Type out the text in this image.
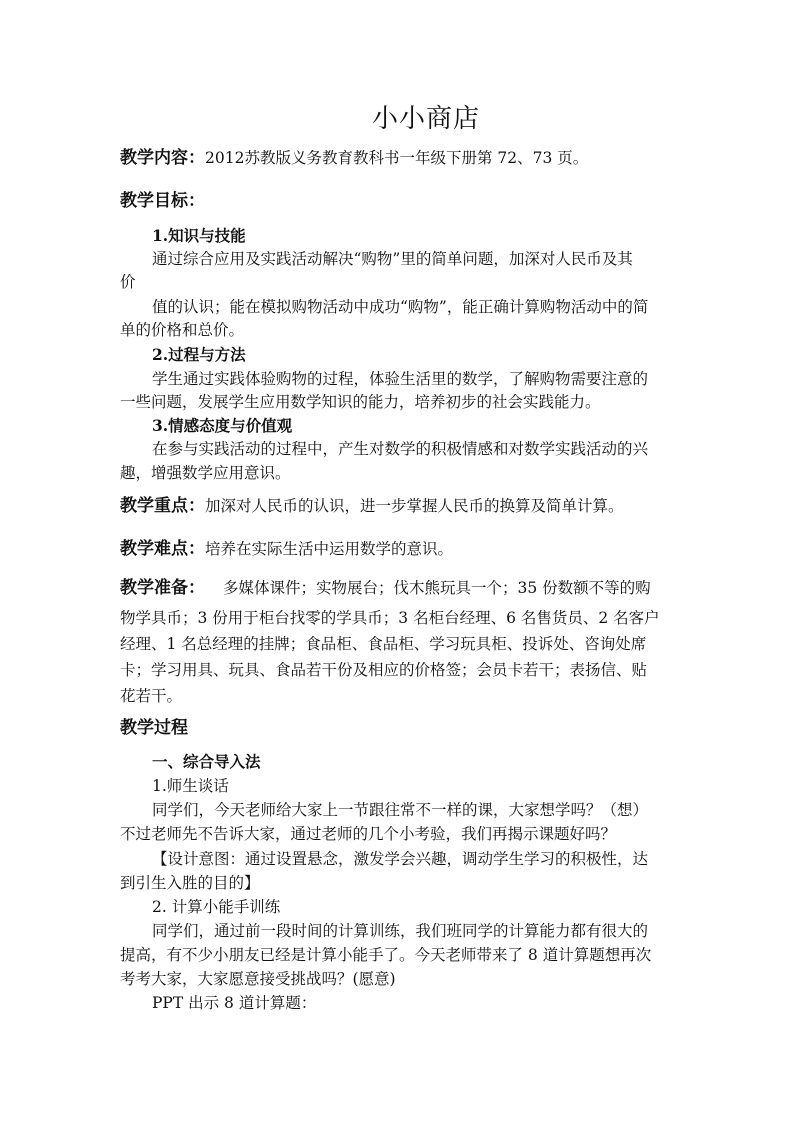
小小商店
教学内容：2012苏教版义务教育教科书一年级下册第 72、73 页。
教学目标：
1.知识与技能
通过综合应用及实践活动解决“购物”里的简单问题，加深对人民币及其
价
值的认识；能在模拟购物活动中成功“购物”，能正确计算购物活动中的简
单的价格和总价。
2.过程与方法
学生通过实践体验购物的过程，体验生活里的数学，了解购物需要注意的
一些问题，发展学生应用数学知识的能力，培养初步的社会实践能力。
3.情感态度与价值观
在参与实践活动的过程中，产生对数学的积极情感和对数学实践活动的兴
趣，增强数学应用意识。
教学重点：加深对人民币的认识，进一步掌握人民币的换算及简单计算。
教学难点：培养在实际生活中运用数学的意识。
教学准备： 多媒体课件；实物展台；伐木熊玩具一个；35 份数额不等的购
物学具币；3 份用于柜台找零的学具币；3 名柜台经理、6 名售货员、2 名客户
经理、1 名总经理的挂牌；食品柜、食品柜、学习玩具柜、投诉处、咨询处席
卡；学习用具、玩具、食品若干份及相应的价格签；会员卡若干；表扬信、贴
花若干。
教学过程
一、综合导入法
1.师生谈话
同学们，今天老师给大家上一节跟往常不一样的课，大家想学吗？（想）
不过老师先不告诉大家，通过老师的几个小考验，我们再揭示课题好吗？
【设计意图：通过设置悬念，激发学会兴趣，调动学生学习的积极性，达
到引生入胜的目的】
2. 计算小能手训练
同学们，通过前一段时间的计算训练，我们班同学的计算能力都有很大的
提高，有不少小朋友已经是计算小能手了。今天老师带来了 8 道计算题想再次
考考大家，大家愿意接受挑战吗？(愿意)
PPT 出示 8 道计算题：
